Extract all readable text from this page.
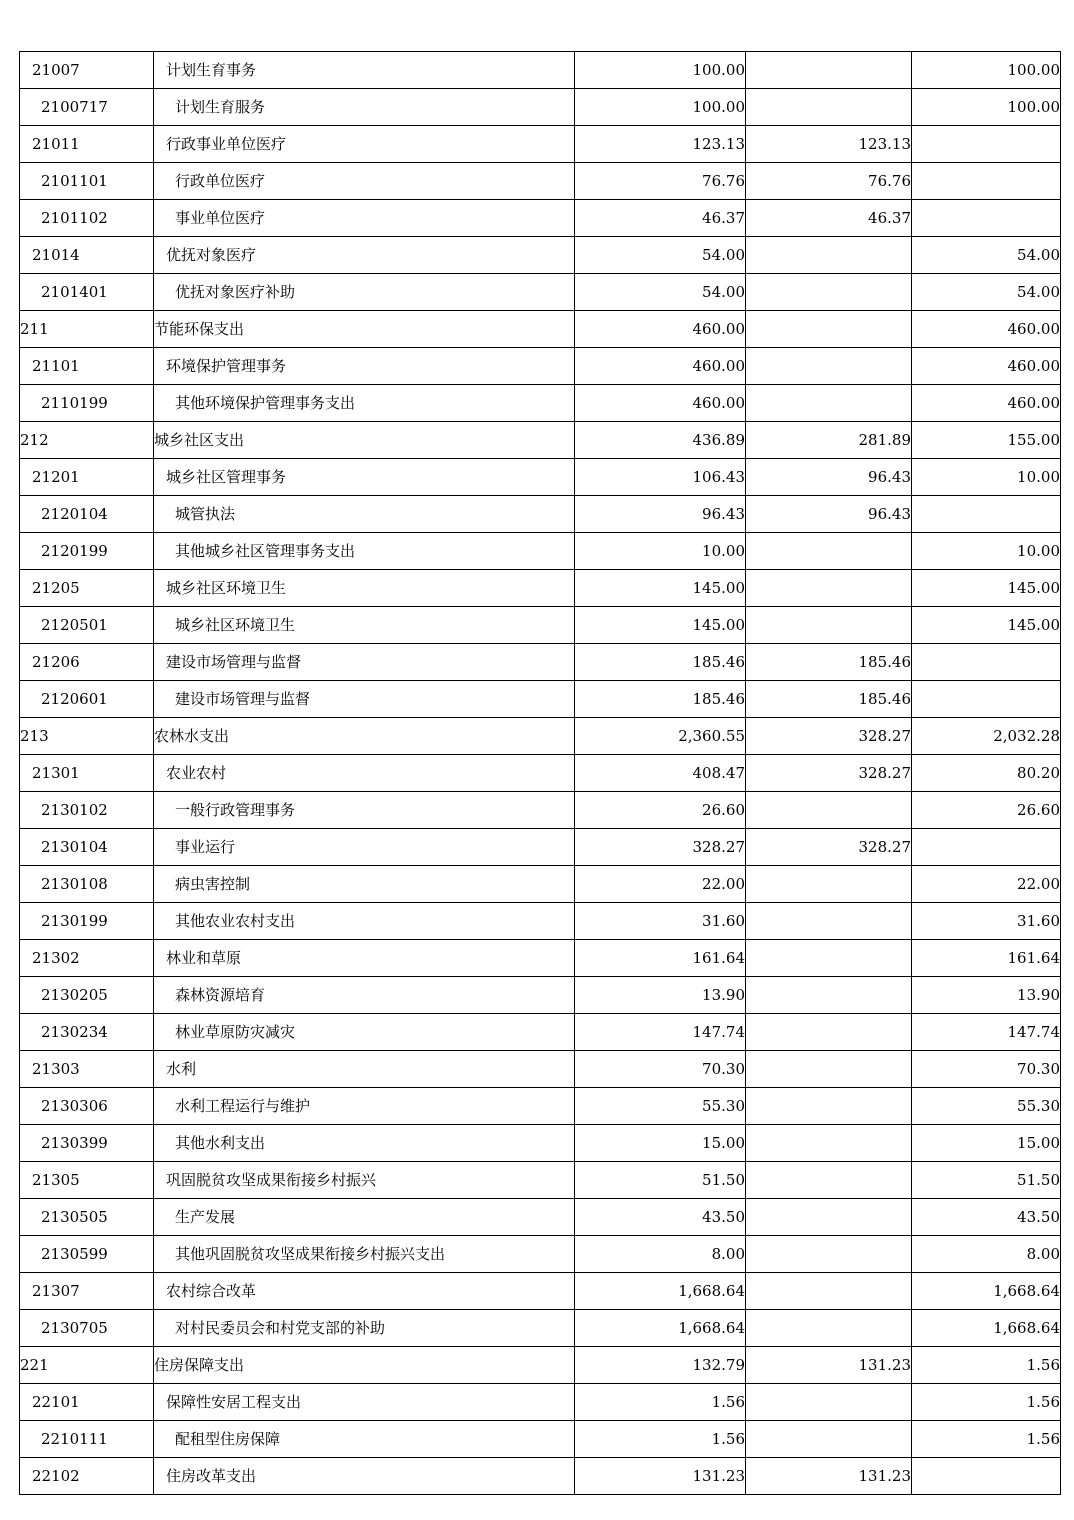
21007	计划生育事务	100.00		100.00
2100717	计划生育服务	100.00		100.00
21011	行政事业单位医疗	123.13	123.13	
2101101	行政单位医疗	76.76	76.76	
2101102	事业单位医疗	46.37	46.37	
21014	优抚对象医疗	54.00		54.00
2101401	优抚对象医疗补助	54.00		54.00
211	节能环保支出	460.00		460.00
21101	环境保护管理事务	460.00		460.00
2110199	其他环境保护管理事务支出	460.00		460.00
212	城乡社区支出	436.89	281.89	155.00
21201	城乡社区管理事务	106.43	96.43	10.00
2120104	城管执法	96.43	96.43	
2120199	其他城乡社区管理事务支出	10.00		10.00
21205	城乡社区环境卫生	145.00		145.00
2120501	城乡社区环境卫生	145.00		145.00
21206	建设市场管理与监督	185.46	185.46	
2120601	建设市场管理与监督	185.46	185.46	
213	农林水支出	2,360.55	328.27	2,032.28
21301	农业农村	408.47	328.27	80.20
2130102	一般行政管理事务	26.60		26.60
2130104	事业运行	328.27	328.27	
2130108	病虫害控制	22.00		22.00
2130199	其他农业农村支出	31.60		31.60
21302	林业和草原	161.64		161.64
2130205	森林资源培育	13.90		13.90
2130234	林业草原防灾减灾	147.74		147.74
21303	水利	70.30		70.30
2130306	水利工程运行与维护	55.30		55.30
2130399	其他水利支出	15.00		15.00
21305	巩固脱贫攻坚成果衔接乡村振兴	51.50		51.50
2130505	生产发展	43.50		43.50
2130599	其他巩固脱贫攻坚成果衔接乡村振兴支出	8.00		8.00
21307	农村综合改革	1,668.64		1,668.64
2130705	对村民委员会和村党支部的补助	1,668.64		1,668.64
221	住房保障支出	132.79	131.23	1.56
22101	保障性安居工程支出	1.56		1.56
2210111	配租型住房保障	1.56		1.56
22102	住房改革支出	131.23	131.23	
